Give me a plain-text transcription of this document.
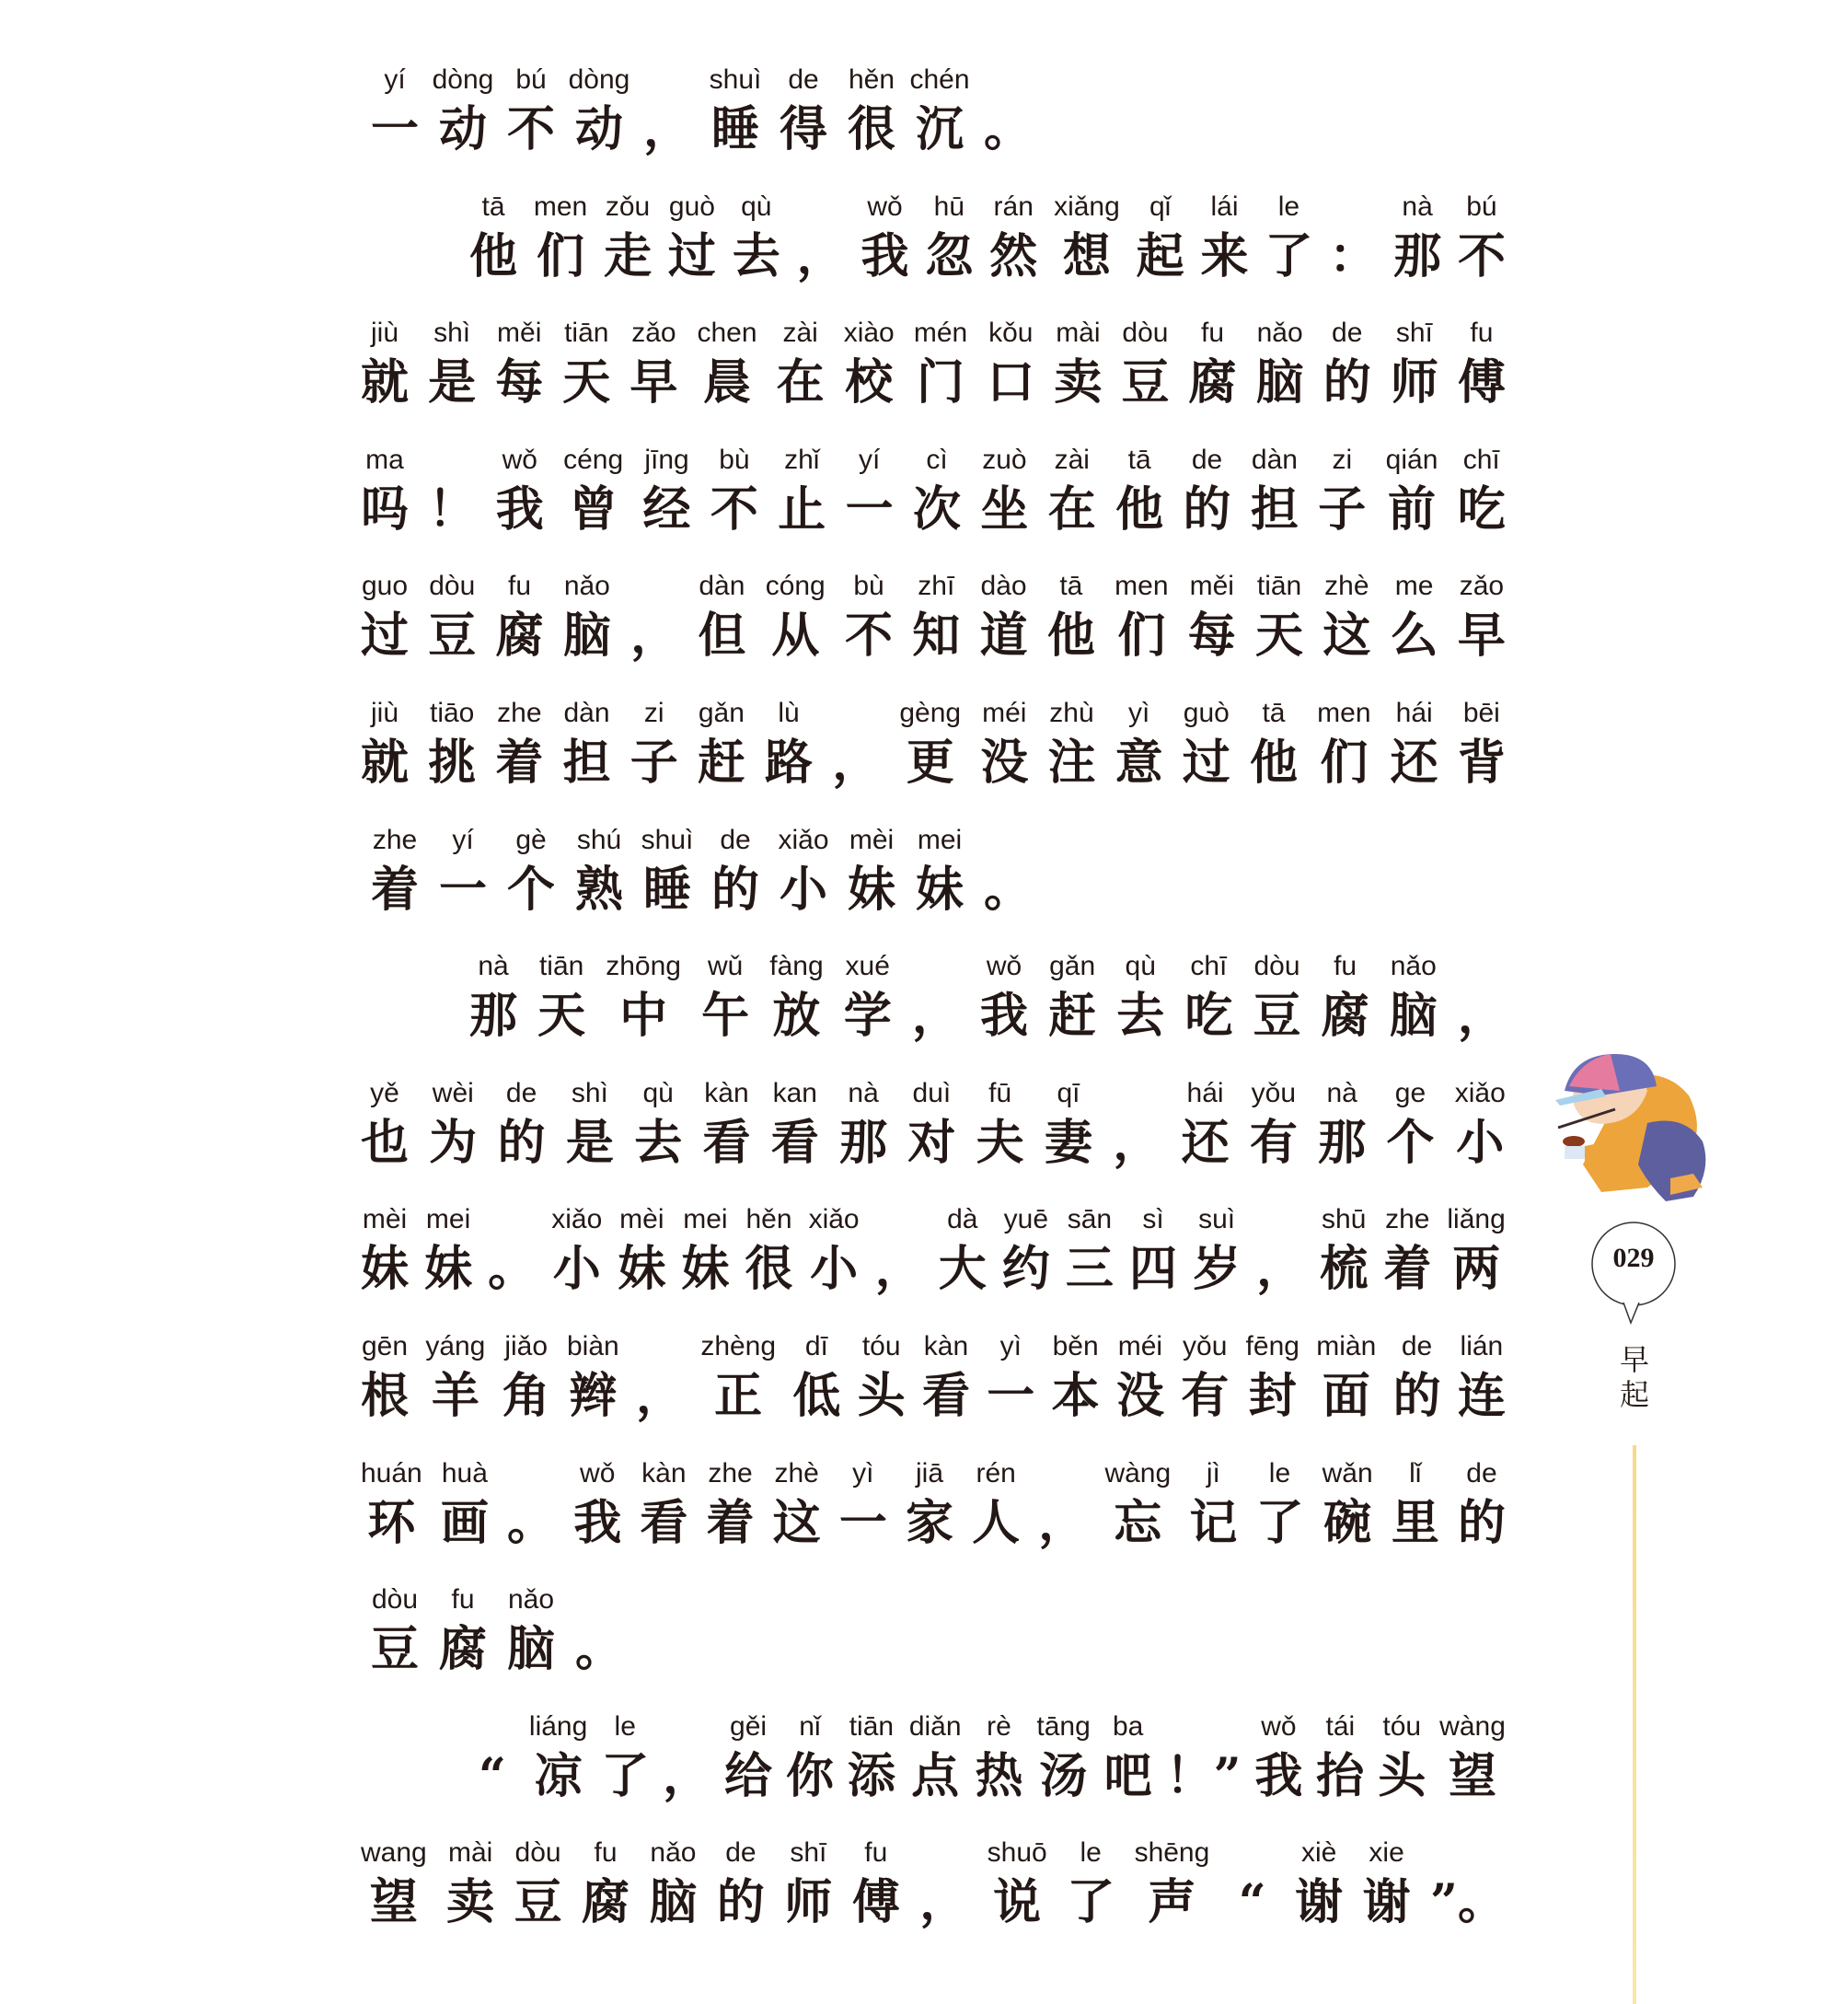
yí
一
dòng
动
bú
不
dòng
动 ，
shuì
睡
de
得
hěn
很
chén
沉 。
tā
他
men
们
zǒu
走
guò
过
qù
去 ，
wǒ
我
hū
忽
rán
然
xiǎng
想
qǐ
起
lái
来
le
了 ：
nà
那
bú
不
jiù
就
shì
是
měi
每
tiān
天
zǎo
早
chen
晨
zài
在
xiào
校
mén
门
kǒu
口
mài
卖
dòu
豆
fu
腐
nǎo
脑
de
的
shī
师
fu
傅
ma
吗 ！
wǒ
我
céng
曾
jīng
经
bù
不
zhǐ
止
yí
一
cì
次
zuò
坐
zài
在
tā
他
de
的
dàn
担
zi
子
qián
前
chī
吃
guo
过
dòu
豆
fu
腐
nǎo
脑 ，
dàn
但
cóng
从
bù
不
zhī
知
dào
道
tā
他
men
们
měi
每
tiān
天
zhè
这
me
么
zǎo
早
jiù
就
tiāo
挑
zhe
着
dàn
担
zi
子
gǎn
赶
lù
路 ，
gèng
更
méi
没
zhù
注
yì
意
guò
过
tā
他
men
们
hái
还
bēi
背
zhe
着
yí
一
gè
个
shú
熟
shuì
睡
de
的
xiǎo
小
mèi
妹
mei
妹 。
nà
那
tiān
天
zhōng
中
wǔ
午
fàng
放
xué
学 ，
wǒ
我
gǎn
赶
qù
去
chī
吃
dòu
豆
fu
腐
nǎo
脑 ，
yě
也
wèi
为
de
的
shì
是
qù
去
kàn
看
kan
看
nà
那
duì
对
fū
夫
qī
妻 ，
hái
还
yǒu
有
nà
那
ge
个
xiǎo
小
mèi
妹
mei
妹 。
xiǎo
小
mèi
妹
mei
妹
hěn
很
xiǎo
小 ，
dà
大
yuē
约
sān
三
sì
四
suì
岁 ，
shū
梳
zhe
着
liǎng
两
gēn
根
yáng
羊
jiǎo
角
biàn
辫 ，
zhèng
正
dī
低
tóu
头
kàn
看
yì
一
běn
本
méi
没
yǒu
有
fēng
封
miàn
面
de
的
lián
连
huán
环
huà
画 。
wǒ
我
kàn
看
zhe
着
zhè
这
yì
一
jiā
家
rén
人 ，
wàng
忘
jì
记
le
了
wǎn
碗
lǐ
里
de
的
dòu
豆
fu
腐
nǎo
脑 。
“
liáng
凉
le
了 ，
gěi
给
nǐ
你
tiān
添
diǎn
点
rè
热
tāng
汤
ba
吧 ！”
wǒ
我
tái
抬
tóu
头
wàng
望
wang
望
mài
卖
dòu
豆
fu
腐
nǎo
脑
de
的
shī
师
fu
傅 ，
shuō
说
le
了
shēng
声 “
xiè
谢
xie
谢 ”。
029
早起
